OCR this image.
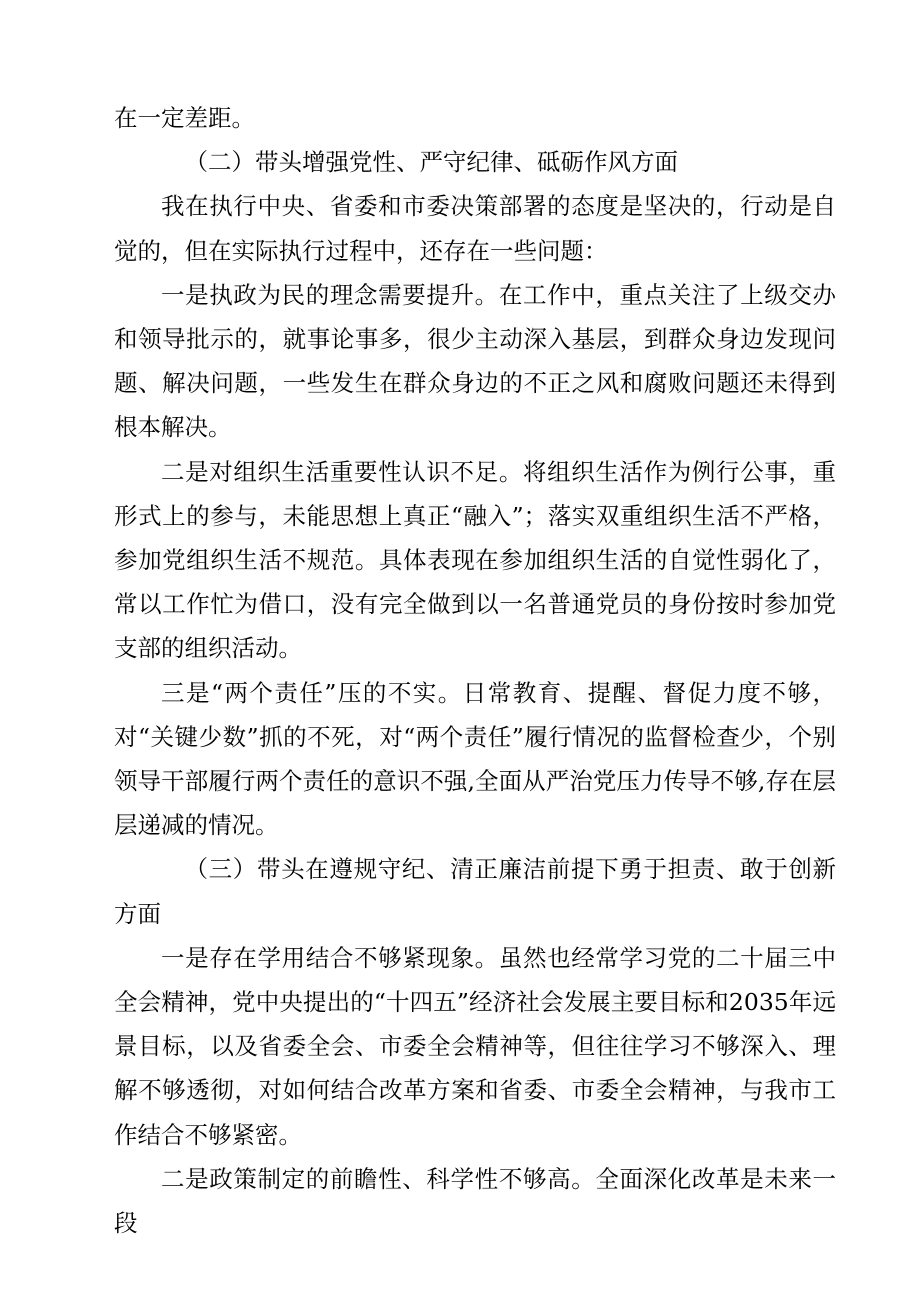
在一定差距。

（二）带头增强党性、严守纪律、砥砺作风方面

我在执行中央、省委和市委决策部署的态度是坚决的，行动是自觉的，但在实际执行过程中，还存在一些问题：

一是执政为民的理念需要提升。在工作中，重点关注了上级交办和领导批示的，就事论事多，很少主动深入基层，到群众身边发现问题、解决问题，一些发生在群众身边的不正之风和腐败问题还未得到根本解决。

二是对组织生活重要性认识不足。将组织生活作为例行公事，重形式上的参与，未能思想上真正“融入”；落实双重组织生活不严格，参加党组织生活不规范。具体表现在参加组织生活的自觉性弱化了，常以工作忙为借口，没有完全做到以一名普通党员的身份按时参加党支部的组织活动。

三是“两个责任”压的不实。日常教育、提醒、督促力度不够，对“关键少数”抓的不死，对“两个责任”履行情况的监督检查少，个别领导干部履行两个责任的意识不强,全面从严治党压力传导不够,存在层层递减的情况。

（三）带头在遵规守纪、清正廉洁前提下勇于担责、敢于创新方面

一是存在学用结合不够紧现象。虽然也经常学习党的二十届三中全会精神，党中央提出的“十四五”经济社会发展主要目标和2035年远景目标，以及省委全会、市委全会精神等，但往往学习不够深入、理解不够透彻，对如何结合改革方案和省委、市委全会精神，与我市工作结合不够紧密。

二是政策制定的前瞻性、科学性不够高。全面深化改革是未来一段
